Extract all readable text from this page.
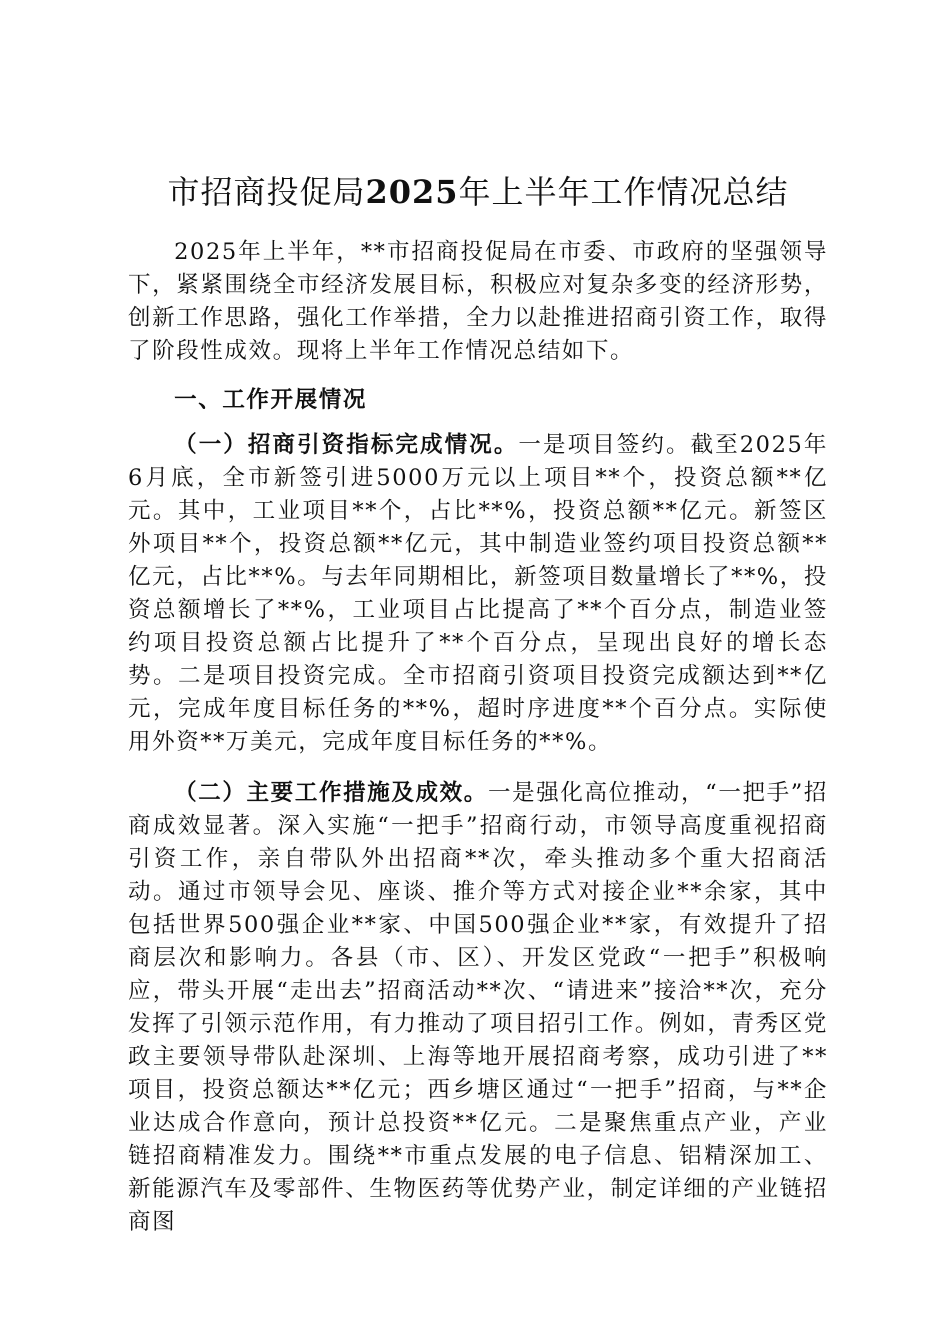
市招商投促局2025年上半年工作情况总结

2025年上半年，**市招商投促局在市委、市政府的坚强领导下，紧紧围绕全市经济发展目标，积极应对复杂多变的经济形势，创新工作思路，强化工作举措，全力以赴推进招商引资工作，取得了阶段性成效。现将上半年工作情况总结如下。

一、工作开展情况

（一）招商引资指标完成情况。一是项目签约。截至2025年6月底，全市新签引进5000万元以上项目**个，投资总额**亿元。其中，工业项目**个，占比**%，投资总额**亿元。新签区外项目**个，投资总额**亿元，其中制造业签约项目投资总额**亿元，占比**%。与去年同期相比，新签项目数量增长了**%，投资总额增长了**%，工业项目占比提高了**个百分点，制造业签约项目投资总额占比提升了**个百分点，呈现出良好的增长态势。二是项目投资完成。全市招商引资项目投资完成额达到**亿元，完成年度目标任务的**%，超时序进度**个百分点。实际使用外资**万美元，完成年度目标任务的**%。

（二）主要工作措施及成效。一是强化高位推动，“一把手”招商成效显著。深入实施“一把手”招商行动，市领导高度重视招商引资工作，亲自带队外出招商**次，牵头推动多个重大招商活动。通过市领导会见、座谈、推介等方式对接企业**余家，其中包括世界500强企业**家、中国500强企业**家，有效提升了招商层次和影响力。各县（市、区）、开发区党政“一把手”积极响应，带头开展“走出去”招商活动**次、“请进来”接洽**次，充分发挥了引领示范作用，有力推动了项目招引工作。例如，青秀区党政主要领导带队赴深圳、上海等地开展招商考察，成功引进了**项目，投资总额达**亿元；西乡塘区通过“一把手”招商，与**企业达成合作意向，预计总投资**亿元。二是聚焦重点产业，产业链招商精准发力。围绕**市重点发展的电子信息、铝精深加工、新能源汽车及零部件、生物医药等优势产业，制定详细的产业链招商图
